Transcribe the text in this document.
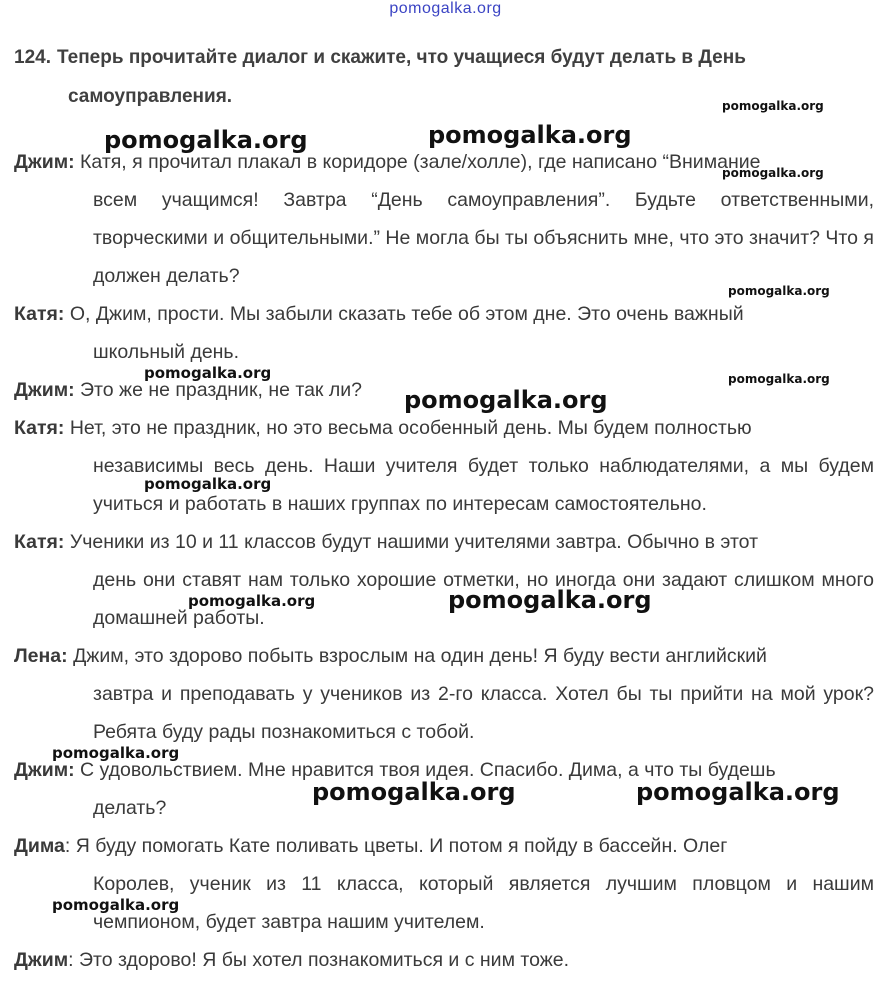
pomogalka.org
124. Теперь прочитайте диалог и скажите, что учащиеся будут делать в День
самоуправления.
Джим: Катя, я прочитал плакал в коридоре (зале/холле), где написано “Внимание
всем учащимся! Завтра “День самоуправления”. Будьте ответственными, творческими и общительными.” Не могла бы ты объяснить мне, что это значит? Что я должен делать?
Катя: О, Джим, прости. Мы забыли сказать тебе об этом дне. Это очень важный
школьный день.
Джим: Это же не праздник, не так ли?
Катя: Нет, это не праздник, но это весьма особенный день. Мы будем полностью
независимы весь день. Наши учителя будет только наблюдателями, а мы будем учиться и работать в наших группах по интересам самостоятельно.
Катя: Ученики из 10 и 11 классов будут нашими учителями завтра. Обычно в этот
день они ставят нам только хорошие отметки, но иногда они задают слишком много домашней работы.
Лена: Джим, это здорово побыть взрослым на один день! Я буду вести английский
завтра и преподавать у учеников из 2-го класса. Хотел бы ты прийти на мой урок? Ребята буду рады познакомиться с тобой.
Джим: С удовольствием. Мне нравится твоя идея. Спасибо. Дима, а что ты будешь
делать?
Дима: Я буду помогать Кате поливать цветы. И потом я пойду в бассейн. Олег
Королев, ученик из 11 класса, который является лучшим пловцом и нашим чемпионом, будет завтра нашим учителем.
Джим: Это здорово! Я бы хотел познакомиться и с ним тоже.
pomogalka.org
pomogalka.org	pomogalka.org
pomogalka.org
pomogalka.org
pomogalka.org	pomogalka.org
pomogalka.org
pomogalka.org
pomogalka.org	pomogalka.org
pomogalka.org
pomogalka.org	pomogalka.org
pomogalka.org
